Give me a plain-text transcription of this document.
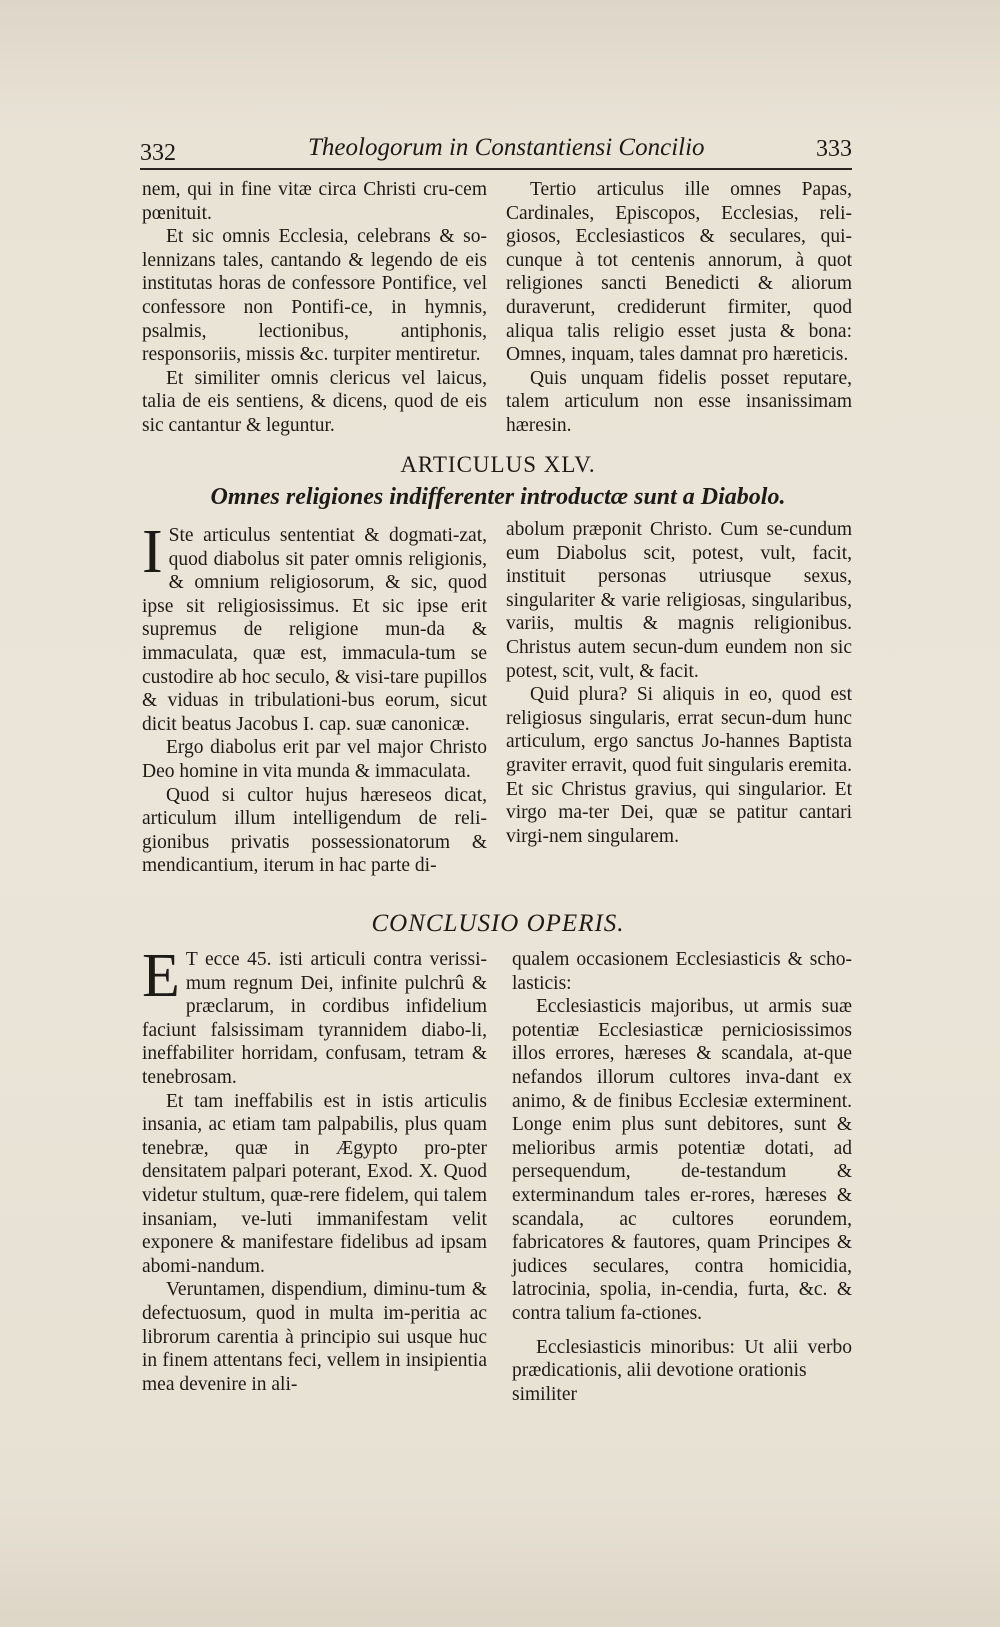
332	Theologorum in Constantiensi Concilio	333

nem, qui in fine vitæ circa Christi cru-cem pœnituit.

Et sic omnis Ecclesia, celebrans & so-lennizans tales, cantando & legendo de eis institutas horas de confessore Pontifice, vel confessore non Pontifi-ce, in hymnis, psalmis, lectionibus, antiphonis, responsoriis, missis &c. turpiter mentiretur.

Et similiter omnis clericus vel laicus, talia de eis sentiens, & dicens, quod de eis sic cantantur & leguntur.

Tertio articulus ille omnes Papas, Cardinales, Episcopos, Ecclesias, reli-giosos, Ecclesiasticos & seculares, qui-cunque à tot centenis annorum, à quot religiones sancti Benedicti & aliorum duraverunt, crediderunt firmiter, quod aliqua talis religio esset justa & bona: Omnes, inquam, tales damnat pro hæreticis.

Quis unquam fidelis posset reputare, talem articulum non esse insanissimam hæresin.

ARTICULUS XLV.
Omnes religiones indifferenter introductæ sunt a Diabolo.

I Ste articulus sententiat & dogmati-zat, quod diabolus sit pater omnis religionis, & omnium religiosorum, & sic, quod ipse sit religiosissimus. Et sic ipse erit supremus de religione mun-da & immaculata, quæ est, immacula-tum se custodire ab hoc seculo, & visi-tare pupillos & viduas in tribulationi-bus eorum, sicut dicit beatus Jacobus I. cap. suæ canonicæ.

Ergo diabolus erit par vel major Christo Deo homine in vita munda & immaculata.

Quod si cultor hujus hæreseos dicat, articulum illum intelligendum de reli-gionibus privatis possessionatorum & mendicantium, iterum in hac parte di-

abolum præponit Christo. Cum se-cundum eum Diabolus scit, potest, vult, facit, instituit personas utriusque sexus, singulariter & varie religiosas, singularibus, variis, multis & magnis religionibus. Christus autem secun-dum eundem non sic potest, scit, vult, & facit.

Quid plura? Si aliquis in eo, quod est religiosus singularis, errat secun-dum hunc articulum, ergo sanctus Jo-hannes Baptista graviter erravit, quod fuit singularis eremita. Et sic Christus gravius, qui singularior. Et virgo ma-ter Dei, quæ se patitur cantari virgi-nem singularem.

CONCLUSIO OPERIS.

E T ecce 45. isti articuli contra verissi-mum regnum Dei, infinite pulchrû & præclarum, in cordibus infidelium faciunt falsissimam tyrannidem diabo-li, ineffabiliter horridam, confusam, tetram & tenebrosam.

Et tam ineffabilis est in istis articulis insania, ac etiam tam palpabilis, plus quam tenebræ, quæ in Ægypto pro-pter densitatem palpari poterant, Exod. X. Quod videtur stultum, quæ-rere fidelem, qui talem insaniam, ve-luti immanifestam velit exponere & manifestare fidelibus ad ipsam abomi-nandum.

Veruntamen, dispendium, diminu-tum & defectuosum, quod in multa im-peritia ac librorum carentia à principio sui usque huc in finem attentans feci, vellem in insipientia mea devenire in ali-

qualem occasionem Ecclesiasticis & scho-lasticis:

Ecclesiasticis majoribus, ut armis suæ potentiæ Ecclesiasticæ perniciosissimos illos errores, hæreses & scandala, at-que nefandos illorum cultores inva-dant ex animo, & de finibus Ecclesiæ exterminent. Longe enim plus sunt debitores, sunt & melioribus armis potentiæ dotati, ad persequendum, de-testandum & exterminandum tales er-rores, hæreses & scandala, ac cultores eorundem, fabricatores & fautores, quam Principes & judices seculares, contra homicidia, latrocinia, spolia, in-cendia, furta, &c. & contra talium fa-ctiones.

Ecclesiasticis minoribus: Ut alii verbo prædicationis, alii devotione orationis

similiter
